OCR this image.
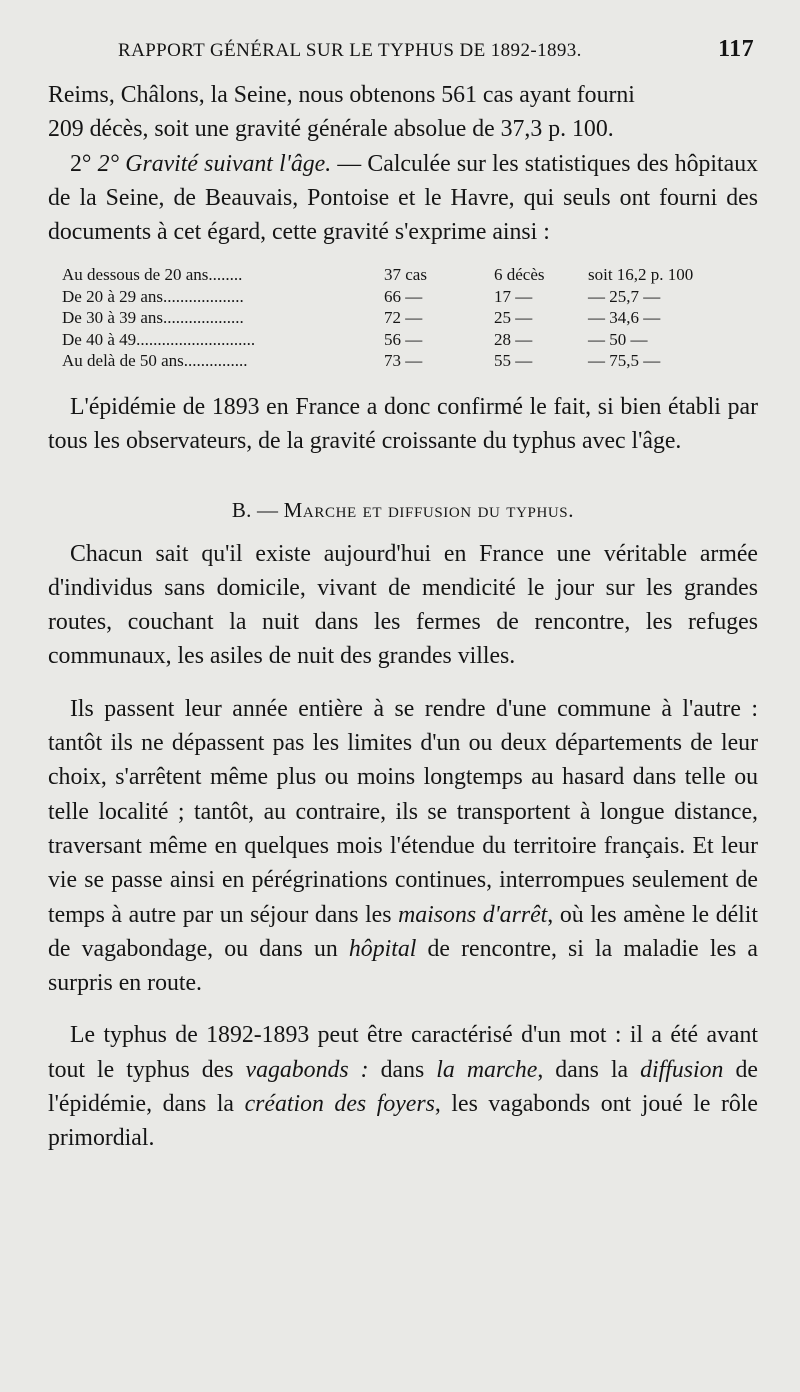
RAPPORT GÉNÉRAL SUR LE TYPHUS DE 1892-1893.	117

Reims, Châlons, la Seine, nous obtenons 561 cas ayant fourni

209 décès, soit une gravité générale absolue de 37,3 p. 100.

2° 2° Gravité suivant l'âge. — Calculée sur les statistiques des hôpitaux de la Seine, de Beauvais, Pontoise et le Havre, qui seuls ont fourni des documents à cet égard, cette gravité s'exprime ainsi :

Au dessous de 20 ans........	37 cas	6 décès	soit 16,2 p. 100
De 20 à 29 ans...................	66 —	17 —	— 25,7 —
De 30 à 39 ans...................	72 —	25 —	— 34,6 —
De 40 à 49............................	56 —	28 —	— 50 —
Au delà de 50 ans...............	73 —	55 —	— 75,5 —

L'épidémie de 1893 en France a donc confirmé le fait, si bien établi par tous les observateurs, de la gravité croissante du typhus avec l'âge.

B. — Marche et diffusion du typhus.

Chacun sait qu'il existe aujourd'hui en France une véritable armée d'individus sans domicile, vivant de mendicité le jour sur les grandes routes, couchant la nuit dans les fermes de rencontre, les refuges communaux, les asiles de nuit des grandes villes.

Ils passent leur année entière à se rendre d'une commune à l'autre : tantôt ils ne dépassent pas les limites d'un ou deux départements de leur choix, s'arrêtent même plus ou moins longtemps au hasard dans telle ou telle localité ; tantôt, au contraire, ils se transportent à longue distance, traversant même en quelques mois l'étendue du territoire français. Et leur vie se passe ainsi en pérégrinations continues, interrompues seulement de temps à autre par un séjour dans les maisons d'arrêt, où les amène le délit de vagabondage, ou dans un hôpital de rencontre, si la maladie les a surpris en route.

Le typhus de 1892-1893 peut être caractérisé d'un mot : il a été avant tout le typhus des vagabonds : dans la marche, dans la diffusion de l'épidémie, dans la création des foyers, les vagabonds ont joué le rôle primordial.
